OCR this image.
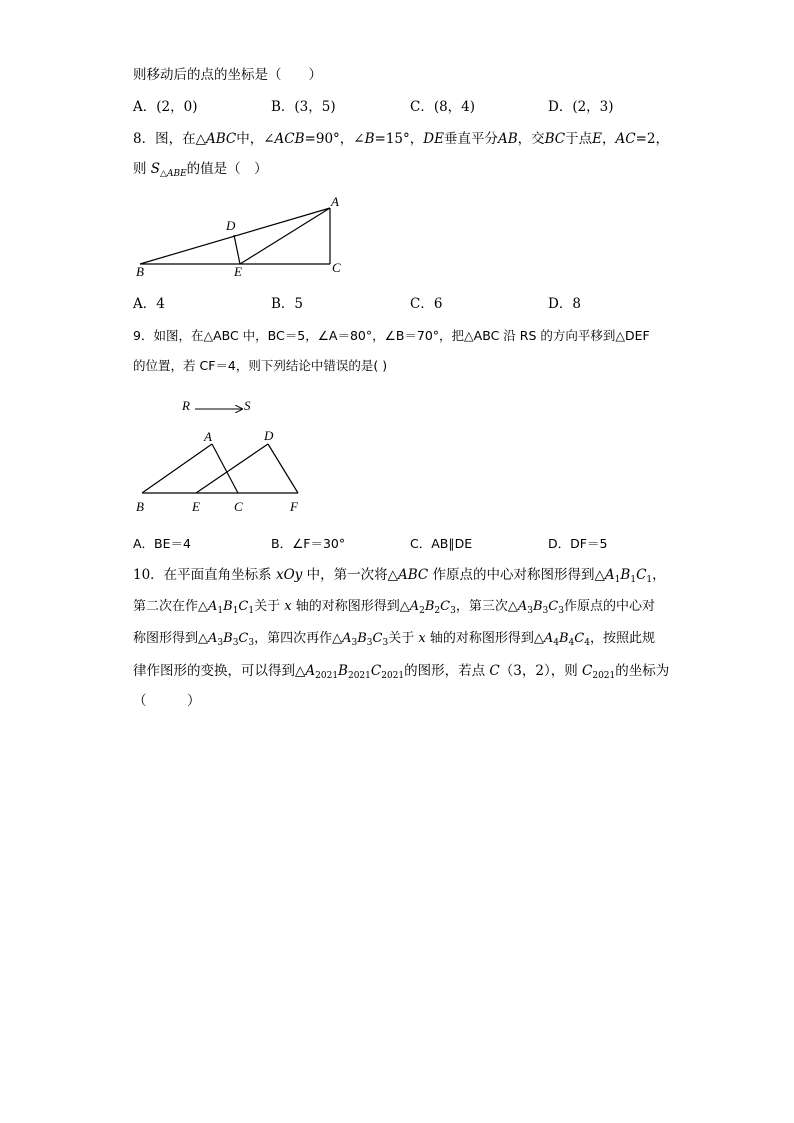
则移动后的点的坐标是（　　）
A．(2，0)	B．(3，5)	C．(8，4)	D．(2，3)
8．图，在△ABC中，∠ACB=90°，∠B=15°，DE垂直平分AB，交BC于点E，AC=2，
则 $S_{\triangle ABE}$的值是（　）
A
B	C
D
E
A．4	B．5	C．6	D．8
9．如图，在△ABC 中，BC＝5，∠A＝80°，∠B＝70°，把△ABC 沿 RS 的方向平移到△DEF
的位置，若 CF＝4，则下列结论中错误的是( )
R	S
A	D
B	E	C	F
A．BE＝4	B．∠F＝30°	C．AB∥DE	D．DF＝5
10．在平面直角坐标系 xOy 中，第一次将△ABC 作原点的中心对称图形得到$\triangle A_1B_1C_1$，
第二次在作$\triangle A_1B_1C_1$关于 x 轴的对称图形得到$\triangle A_2B_2C_3$，第三次$\triangle A_3B_3C_3$作原点的中心对
称图形得到$\triangle A_3B_3C_3$，第四次再作$\triangle A_3B_3C_3$关于 x 轴的对称图形得到$\triangle A_4B_4C_4$，按照此规
律作图形的变换，可以得到$\triangle A_{2021}B_{2021}C_{2021}$的图形，若点 C（3，2），则 $C_{2021}$的坐标为
（　　　）
